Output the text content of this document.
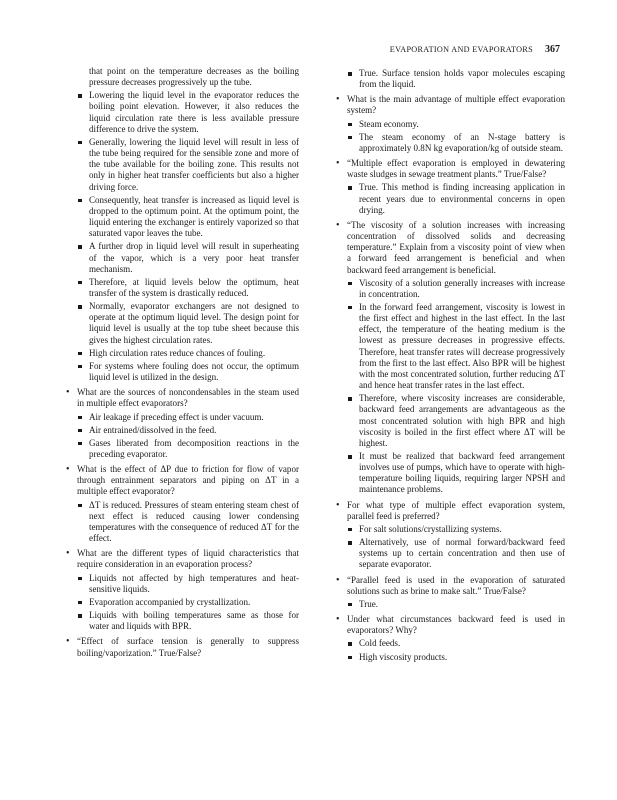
EVAPORATION AND EVAPORATORS 367

that point on the temperature decreases as the boiling pressure decreases progressively up the tube.

Lowering the liquid level in the evaporator reduces the boiling point elevation. However, it also reduces the liquid circulation rate there is less available pressure difference to drive the system.

Generally, lowering the liquid level will result in less of the tube being required for the sensible zone and more of the tube available for the boiling zone. This results not only in higher heat transfer coefficients but also a higher driving force.

Consequently, heat transfer is increased as liquid level is dropped to the optimum point. At the optimum point, the liquid entering the exchanger is entirely vaporized so that saturated vapor leaves the tube.

A further drop in liquid level will result in superheating of the vapor, which is a very poor heat transfer mechanism.

Therefore, at liquid levels below the optimum, heat transfer of the system is drastically reduced.

Normally, evaporator exchangers are not designed to operate at the optimum liquid level. The design point for liquid level is usually at the top tube sheet because this gives the highest circulation rates.

High circulation rates reduce chances of fouling.

For systems where fouling does not occur, the optimum liquid level is utilized in the design.

• What are the sources of noncondensables in the steam used in multiple effect evaporators?

Air leakage if preceding effect is under vacuum.

Air entrained/dissolved in the feed.

Gases liberated from decomposition reactions in the preceding evaporator.

• What is the effect of ΔP due to friction for flow of vapor through entrainment separators and piping on ΔT in a multiple effect evaporator?

ΔT is reduced. Pressures of steam entering steam chest of next effect is reduced causing lower condensing temperatures with the consequence of reduced ΔT for the effect.

• What are the different types of liquid characteristics that require consideration in an evaporation process?

Liquids not affected by high temperatures and heat-sensitive liquids.

Evaporation accompanied by crystallization.

Liquids with boiling temperatures same as those for water and liquids with BPR.

• “Effect of surface tension is generally to suppress boiling/vaporization.” True/False?

True. Surface tension holds vapor molecules escaping from the liquid.

• What is the main advantage of multiple effect evaporation system?

Steam economy.

The steam economy of an N-stage battery is approximately 0.8N kg evaporation/kg of outside steam.

• “Multiple effect evaporation is employed in dewatering waste sludges in sewage treatment plants.” True/False?

True. This method is finding increasing application in recent years due to environmental concerns in open drying.

• “The viscosity of a solution increases with increasing concentration of dissolved solids and decreasing temperature.” Explain from a viscosity point of view when a forward feed arrangement is beneficial and when backward feed arrangement is beneficial.

Viscosity of a solution generally increases with increase in concentration.

In the forward feed arrangement, viscosity is lowest in the first effect and highest in the last effect. In the last effect, the temperature of the heating medium is the lowest as pressure decreases in progressive effects. Therefore, heat transfer rates will decrease progressively from the first to the last effect. Also BPR will be highest with the most concentrated solution, further reducing ΔT and hence heat transfer rates in the last effect.

Therefore, where viscosity increases are considerable, backward feed arrangements are advantageous as the most concentrated solution with high BPR and high viscosity is boiled in the first effect where ΔT will be highest.

It must be realized that backward feed arrangement involves use of pumps, which have to operate with high-temperature boiling liquids, requiring larger NPSH and maintenance problems.

• For what type of multiple effect evaporation system, parallel feed is preferred?

For salt solutions/crystallizing systems.

Alternatively, use of normal forward/backward feed systems up to certain concentration and then use of separate evaporator.

• “Parallel feed is used in the evaporation of saturated solutions such as brine to make salt.” True/False?

True.

• Under what circumstances backward feed is used in evaporators? Why?

Cold feeds.

High viscosity products.
